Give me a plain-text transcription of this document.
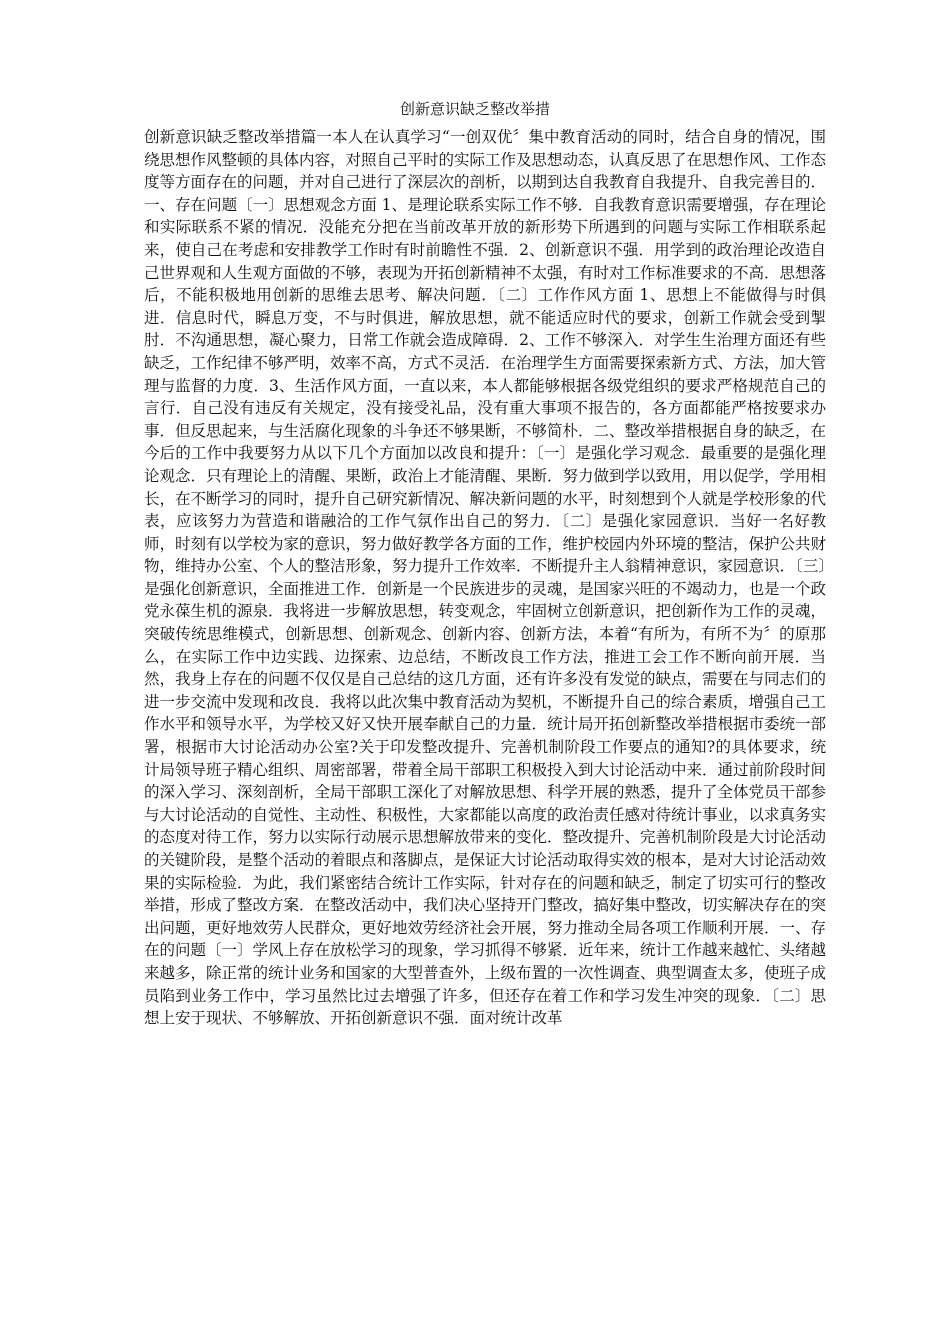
创新意识缺乏整改举措

创新意识缺乏整改举措篇一本人在认真学习“一创双优〞集中教育活动的同时，结合自身的情况，围绕思想作风整顿的具体内容，对照自己平时的实际工作及思想动态，认真反思了在思想作风、工作态度等方面存在的问题，并对自己进行了深层次的剖析，以期到达自我教育自我提升、自我完善目的．一、存在问题〔一〕思想观念方面 1、是理论联系实际工作不够．自我教育意识需要增强，存在理论和实际联系不紧的情况．没能充分把在当前改革开放的新形势下所遇到的问题与实际工作相联系起来，使自己在考虑和安排教学工作时有时前瞻性不强．2、创新意识不强．用学到的政治理论改造自己世界观和人生观方面做的不够，表现为开拓创新精神不太强，有时对工作标准要求的不高．思想落后，不能积极地用创新的思维去思考、解决问题．〔二〕工作作风方面 1、思想上不能做得与时俱进．信息时代，瞬息万变，不与时俱进，解放思想，就不能适应时代的要求，创新工作就会受到掣肘．不沟通思想，凝心聚力，日常工作就会造成障碍．2、工作不够深入．对学生生治理方面还有些缺乏，工作纪律不够严明，效率不高，方式不灵活．在治理学生方面需要探索新方式、方法，加大管理与监督的力度．3、生活作风方面，一直以来，本人都能够根据各级党组织的要求严格规范自己的言行．自己没有违反有关规定，没有接受礼品，没有重大事项不报告的，各方面都能严格按要求办事．但反思起来，与生活腐化现象的斗争还不够果断，不够简朴．二、整改举措根据自身的缺乏，在今后的工作中我要努力从以下几个方面加以改良和提升：〔一〕是强化学习观念．最重要的是强化理论观念．只有理论上的清醒、果断，政治上才能清醒、果断．努力做到学以致用，用以促学，学用相长，在不断学习的同时，提升自己研究新情况、解决新问题的水平，时刻想到个人就是学校形象的代表，应该努力为营造和谐融洽的工作气氛作出自己的努力．〔二〕是强化家园意识．当好一名好教师，时刻有以学校为家的意识，努力做好教学各方面的工作，维护校园内外环境的整洁，保护公共财物，维持办公室、个人的整洁形象，努力提升工作效率．不断提升主人翁精神意识，家园意识．〔三〕是强化创新意识，全面推进工作．创新是一个民族进步的灵魂，是国家兴旺的不竭动力，也是一个政党永葆生机的源泉．我将进一步解放思想，转变观念，牢固树立创新意识，把创新作为工作的灵魂，突破传统思维模式，创新思想、创新观念、创新内容、创新方法，本着“有所为，有所不为〞的原那么，在实际工作中边实践、边探索、边总结，不断改良工作方法，推进工会工作不断向前开展．当然，我身上存在的问题不仅仅是自己总结的这几方面，还有许多没有发觉的缺点，需要在与同志们的进一步交流中发现和改良．我将以此次集中教育活动为契机，不断提升自己的综合素质，增强自己工作水平和领导水平，为学校又好又快开展奉献自己的力量．统计局开拓创新整改举措根据市委统一部署，根据市大讨论活动办公室?关于印发整改提升、完善机制阶段工作要点的通知?的具体要求，统计局领导班子精心组织、周密部署，带着全局干部职工积极投入到大讨论活动中来．通过前阶段时间的深入学习、深刻剖析，全局干部职工深化了对解放思想、科学开展的熟悉，提升了全体党员干部参与大讨论活动的自觉性、主动性、积极性，大家都能以高度的政治责任感对待统计事业，以求真务实的态度对待工作，努力以实际行动展示思想解放带来的变化．整改提升、完善机制阶段是大讨论活动的关键阶段，是整个活动的着眼点和落脚点，是保证大讨论活动取得实效的根本，是对大讨论活动效果的实际检验．为此，我们紧密结合统计工作实际，针对存在的问题和缺乏，制定了切实可行的整改举措，形成了整改方案．在整改活动中，我们决心坚持开门整改，搞好集中整改，切实解决存在的突出问题，更好地效劳人民群众，更好地效劳经济社会开展，努力推动全局各项工作顺利开展．一、存在的问题〔一〕学风上存在放松学习的现象，学习抓得不够紧．近年来，统计工作越来越忙、头绪越来越多，除正常的统计业务和国家的大型普查外，上级布置的一次性调查、典型调查太多，使班子成员陷到业务工作中，学习虽然比过去增强了许多，但还存在着工作和学习发生冲突的现象．〔二〕思想上安于现状、不够解放、开拓创新意识不强．面对统计改革
